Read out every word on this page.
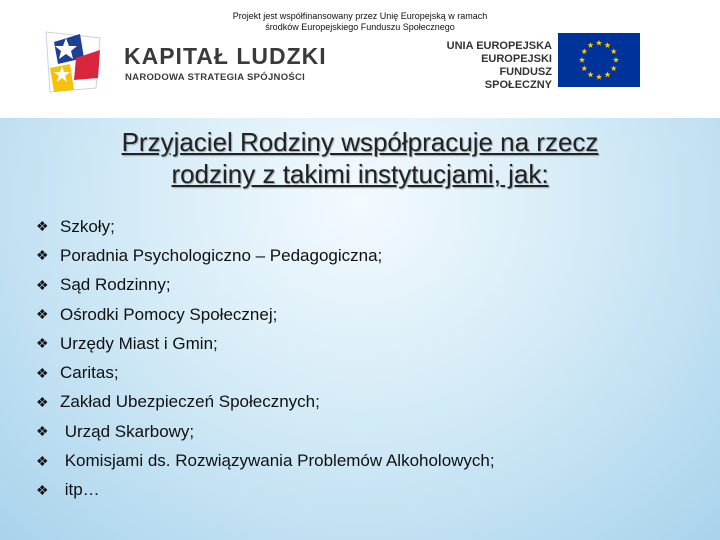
Projekt jest współfinansowany przez Unię Europejską w ramach
środków Europejskiego Funduszu Społecznego
KAPITAŁ LUDZKI
NARODOWA STRATEGIA SPÓJNOŚCI
UNIA EUROPEJSKA
EUROPEJSKI
FUNDUSZ SPOŁECZNY
Przyjaciel Rodziny współpracuje na rzecz
rodziny z takimi instytucjami, jak:
❖ Szkoły;
❖ Poradnia Psychologiczno – Pedagogiczna;
❖ Sąd Rodzinny;
❖ Ośrodki Pomocy Społecznej;
❖ Urzędy Miast i Gmin;
❖ Caritas;
❖ Zakład Ubezpieczeń Społecznych;
❖ Urząd Skarbowy;
❖ Komisjami ds. Rozwiązywania Problemów Alkoholowych;
❖ itp…
